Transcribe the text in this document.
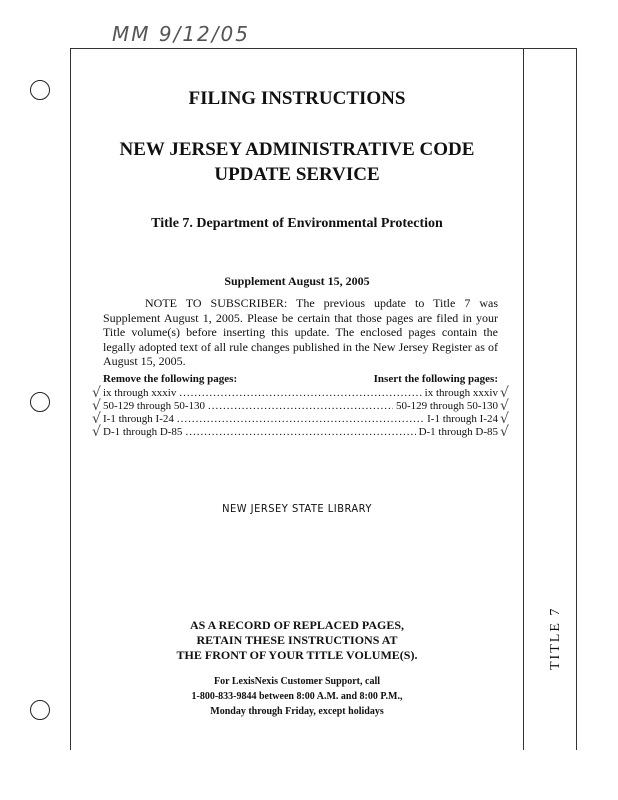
MM 9/12/05
FILING INSTRUCTIONS
NEW JERSEY ADMINISTRATIVE CODE
UPDATE SERVICE
Title 7. Department of Environmental Protection
Supplement August 15, 2005
NOTE TO SUBSCRIBER: The previous update to Title 7 was Supplement August 1, 2005. Please be certain that those pages are filed in your Title volume(s) before inserting this update. The enclosed pages contain the legally adopted text of all rule changes published in the New Jersey Register as of August 15, 2005.
Remove the following pages:	Insert the following pages:
ix through xxxiv .....	ix through xxxiv
50-129 through 50-130 .....	50-129 through 50-130
I-1 through I-24 .....	I-1 through I-24
D-1 through D-85 .....	D-1 through D-85
√
√
√
√
√
√
√
√
NEW JERSEY STATE LIBRARY
AS A RECORD OF REPLACED PAGES,
RETAIN THESE INSTRUCTIONS AT
THE FRONT OF YOUR TITLE VOLUME(S).
For LexisNexis Customer Support, call
1-800-833-9844 between 8:00 A.M. and 8:00 P.M.,
Monday through Friday, except holidays
TITLE 7
